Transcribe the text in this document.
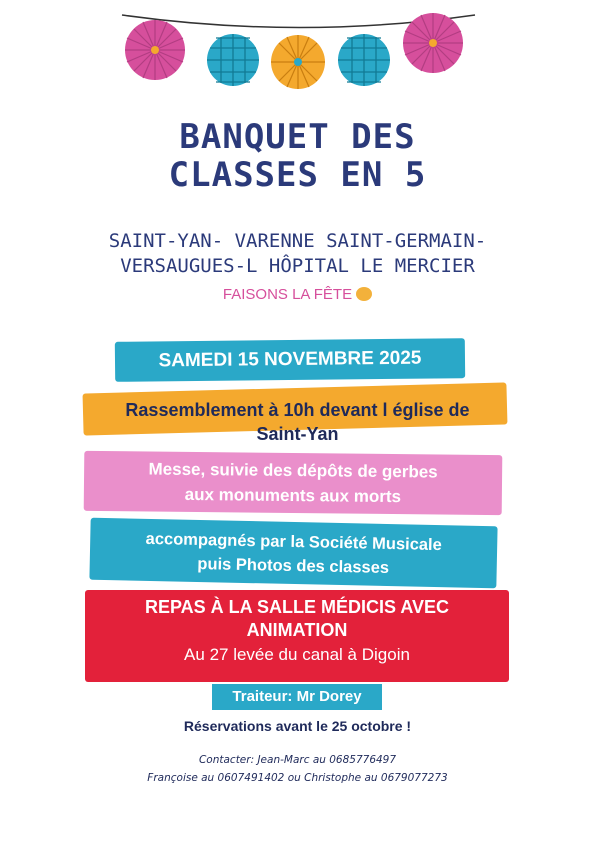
BANQUET DES
CLASSES EN 5
SAINT-YAN- VARENNE SAINT-GERMAIN-
VERSAUGUES-L HÔPITAL LE MERCIER
FAISONS LA FÊTE
SAMEDI 15 NOVEMBRE 2025
Rassemblement à 10h devant l église de
Saint-Yan
Messe, suivie des dépôts de gerbes
aux monuments aux morts
accompagnés par la Société Musicale
puis Photos des classes
REPAS À LA SALLE MÉDICIS AVEC
ANIMATION
Au 27 levée du canal à Digoin
Traiteur: Mr Dorey
Réservations avant le 25 octobre !
Contacter: Jean-Marc au 0685776497
Françoise au 0607491402 ou Christophe au 0679077273
